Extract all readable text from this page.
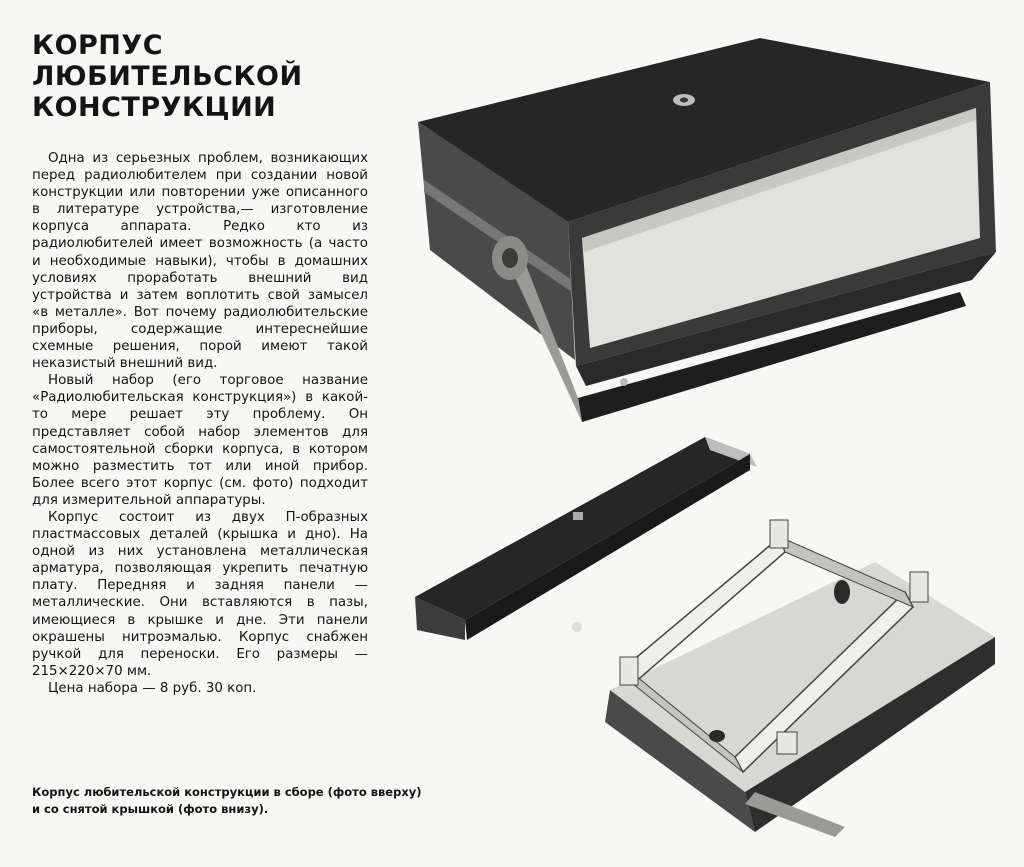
КОРПУС
ЛЮБИТЕЛЬСКОЙ
КОНСТРУКЦИИ

Одна из серьезных проблем, возникающих перед радиолюбителем при создании новой конструкции или повторении уже описанного в литературе устройства,— изготовление корпуса аппарата. Редко кто из радиолюбителей имеет возможность (а часто и необходимые навыки), чтобы в домашних условиях проработать внешний вид устройства и затем воплотить свой замысел «в металле». Вот почему радиолюбительские приборы, содержащие интереснейшие схемные решения, порой имеют такой неказистый внешний вид.

Новый набор (его торговое название «Радиолюбительская конструкция») в какой-то мере решает эту проблему. Он представляет собой набор элементов для самостоятельной сборки корпуса, в котором можно разместить тот или иной прибор. Более всего этот корпус (см. фото) подходит для измерительной аппаратуры.

Корпус состоит из двух П-образных пластмассовых деталей (крышка и дно). На одной из них установлена металлическая арматура, позволяющая укрепить печатную плату. Передняя и задняя панели — металлические. Они вставляются в пазы, имеющиеся в крышке и дне. Эти панели окрашены нитроэмалью. Корпус снабжен ручкой для переноски. Его размеры — 215×220×70 мм.

Цена набора — 8 руб. 30 коп.

Корпус любительской конструкции в сборе (фото вверху)
и со снятой крышкой (фото внизу).
